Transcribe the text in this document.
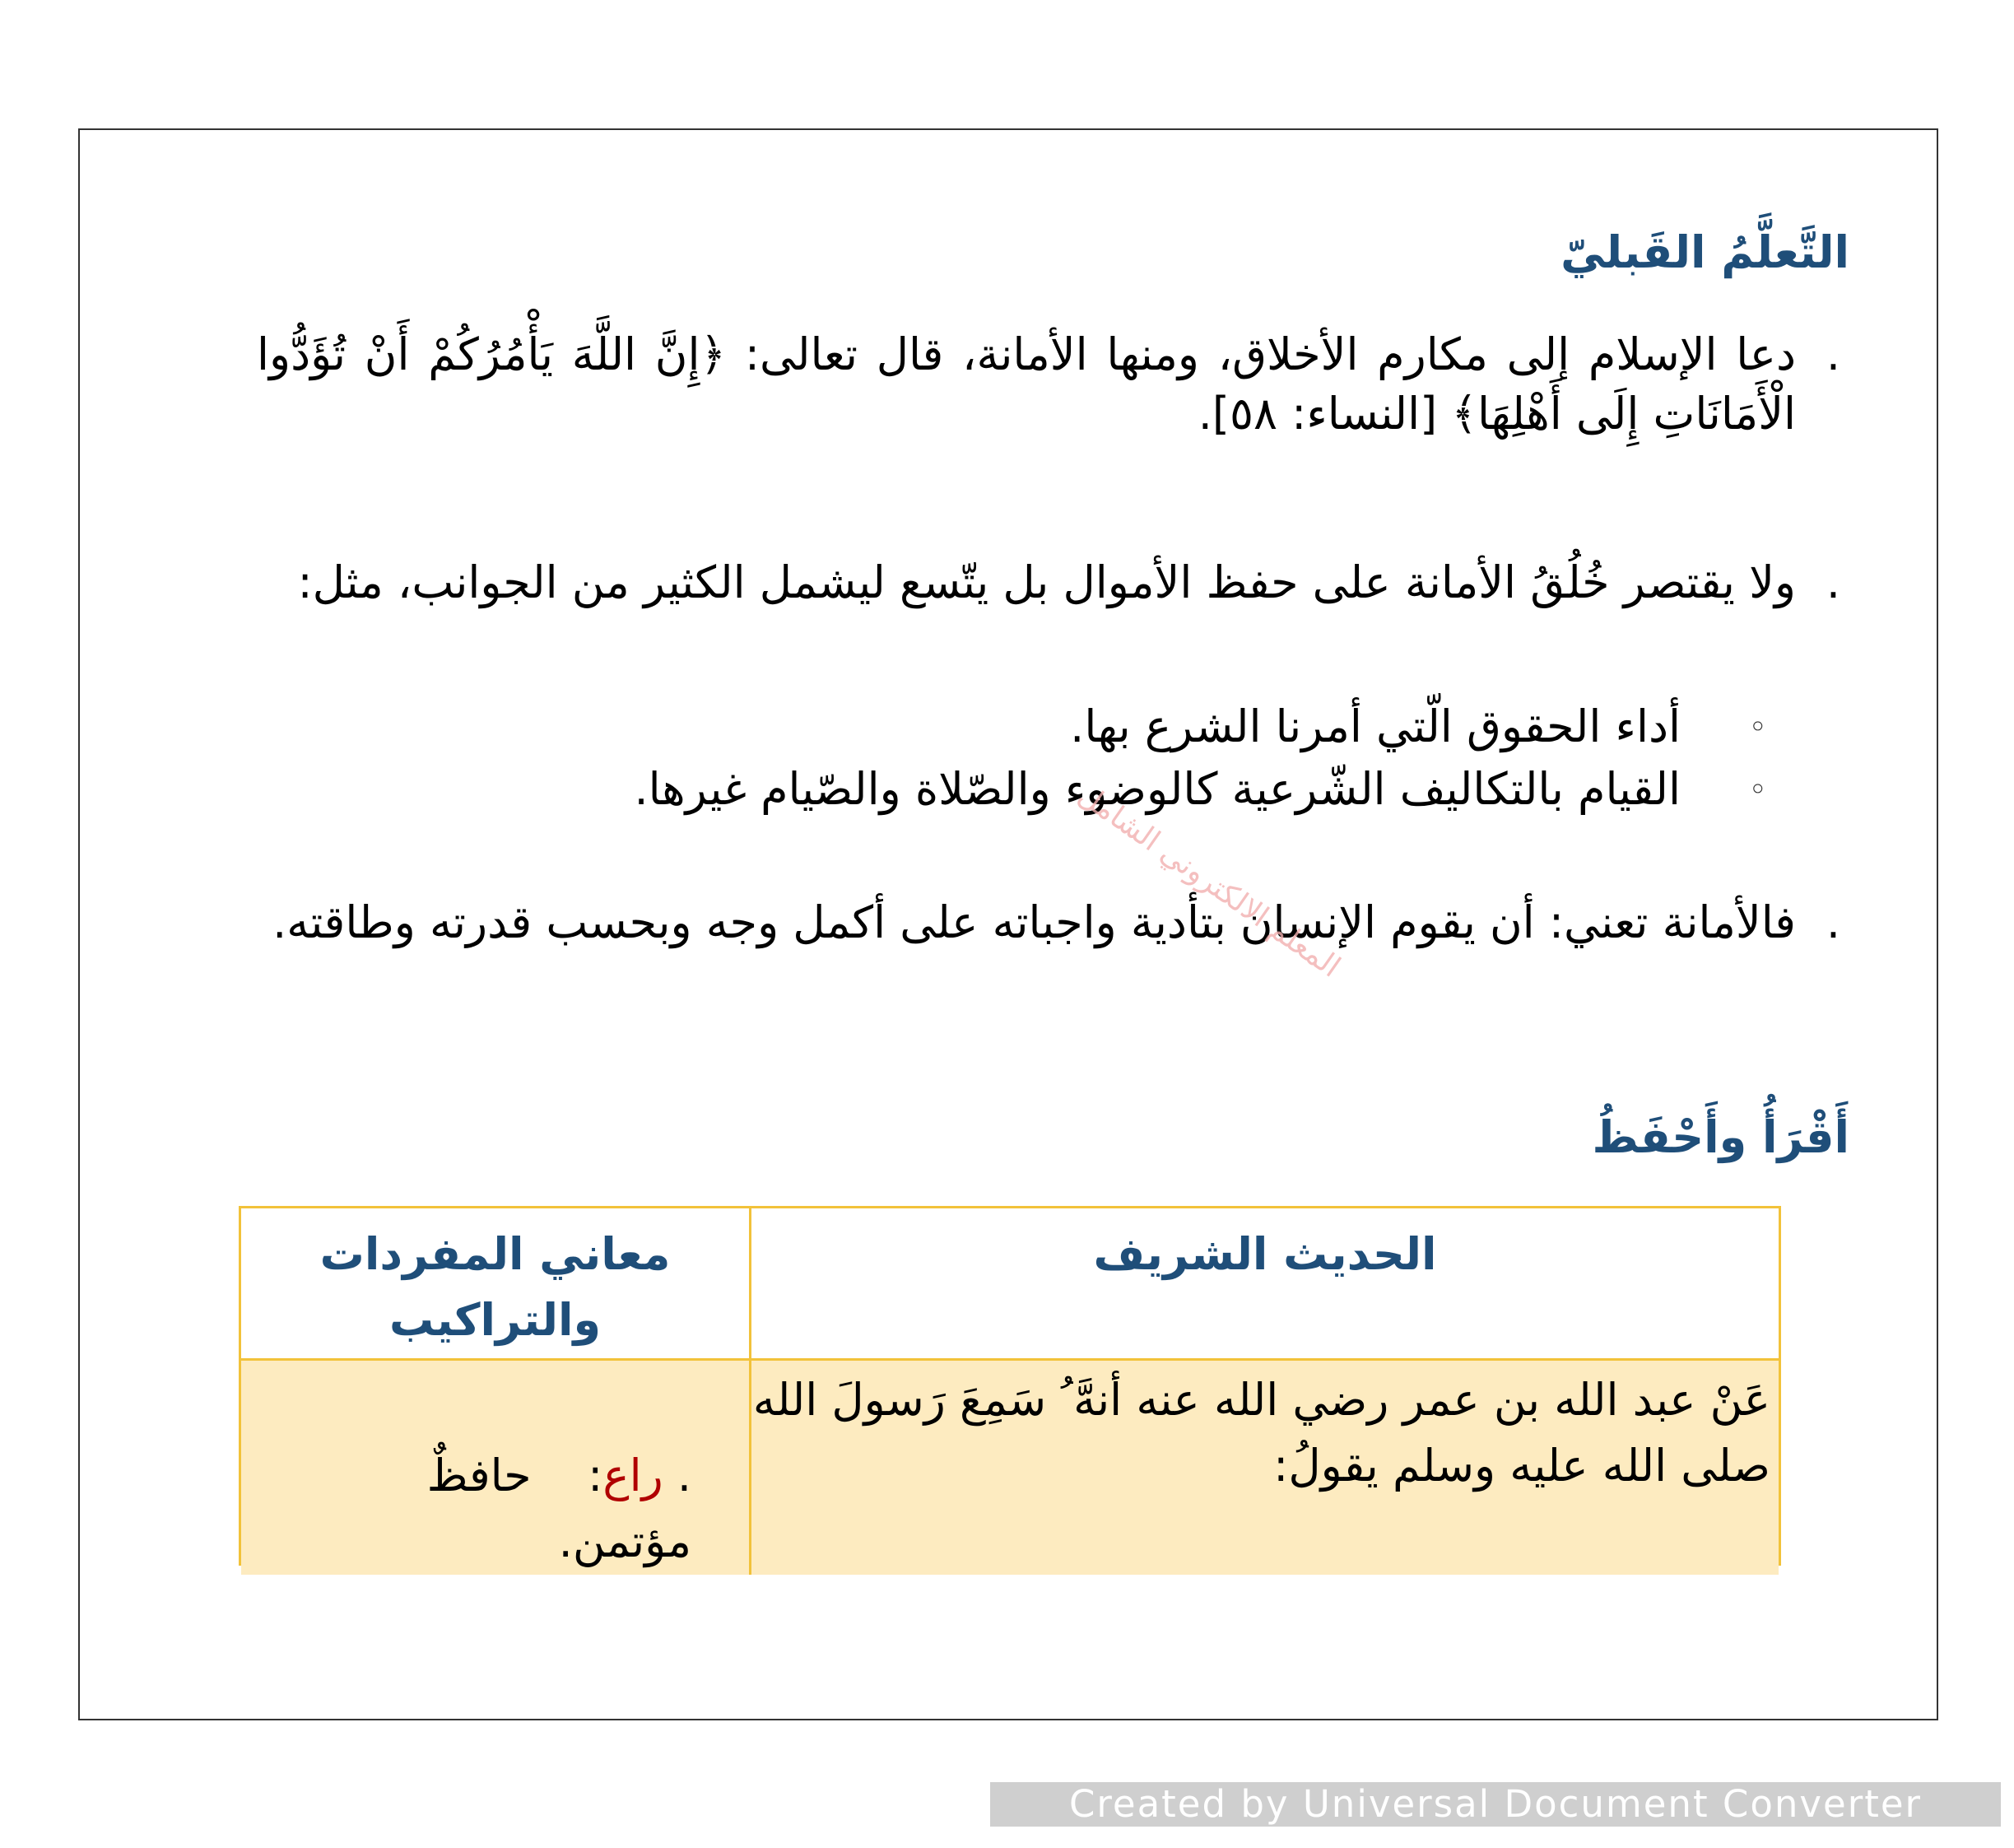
التَّعلَّمُ القَبليّ
. دعا الإسلام إلى مكارم الأخلاق، ومنها الأمانة، قال تعالى: ﴿إِنَّ اللَّهَ يَأْمُرُكُمْ أَنْ تُؤَدُّوا الْأَمَانَاتِ إِلَى أَهْلِهَا﴾ [النساء: ٥٨].
. ولا يقتصر خُلُقُ الأمانة على حفظ الأموال بل يتّسع ليشمل الكثير من الجوانب، مثل:
◦ أداء الحقوق الّتي أمرنا الشرع بها.
◦ القيام بالتكاليف الشّرعية كالوضوء والصّلاة والصّيام غيرها.
. فالأمانة تعني: أن يقوم الإنسان بتأدية واجباته على أكمل وجه وبحسب قدرته وطاقته.
المعلم الالكتروني الشامل
أَقْرَأُ وأَحْفَظُ
الحديث الشريف
معاني المفردات والتراكيب
عَنْ عبد الله بن عمر رضي الله عنه أنهَّ ُ سَمِعَ رَسولَ الله صلى الله عليه وسلم يقولُ:
. راع:    حافظٌ مؤتمن.
Created by Universal Document Converter
